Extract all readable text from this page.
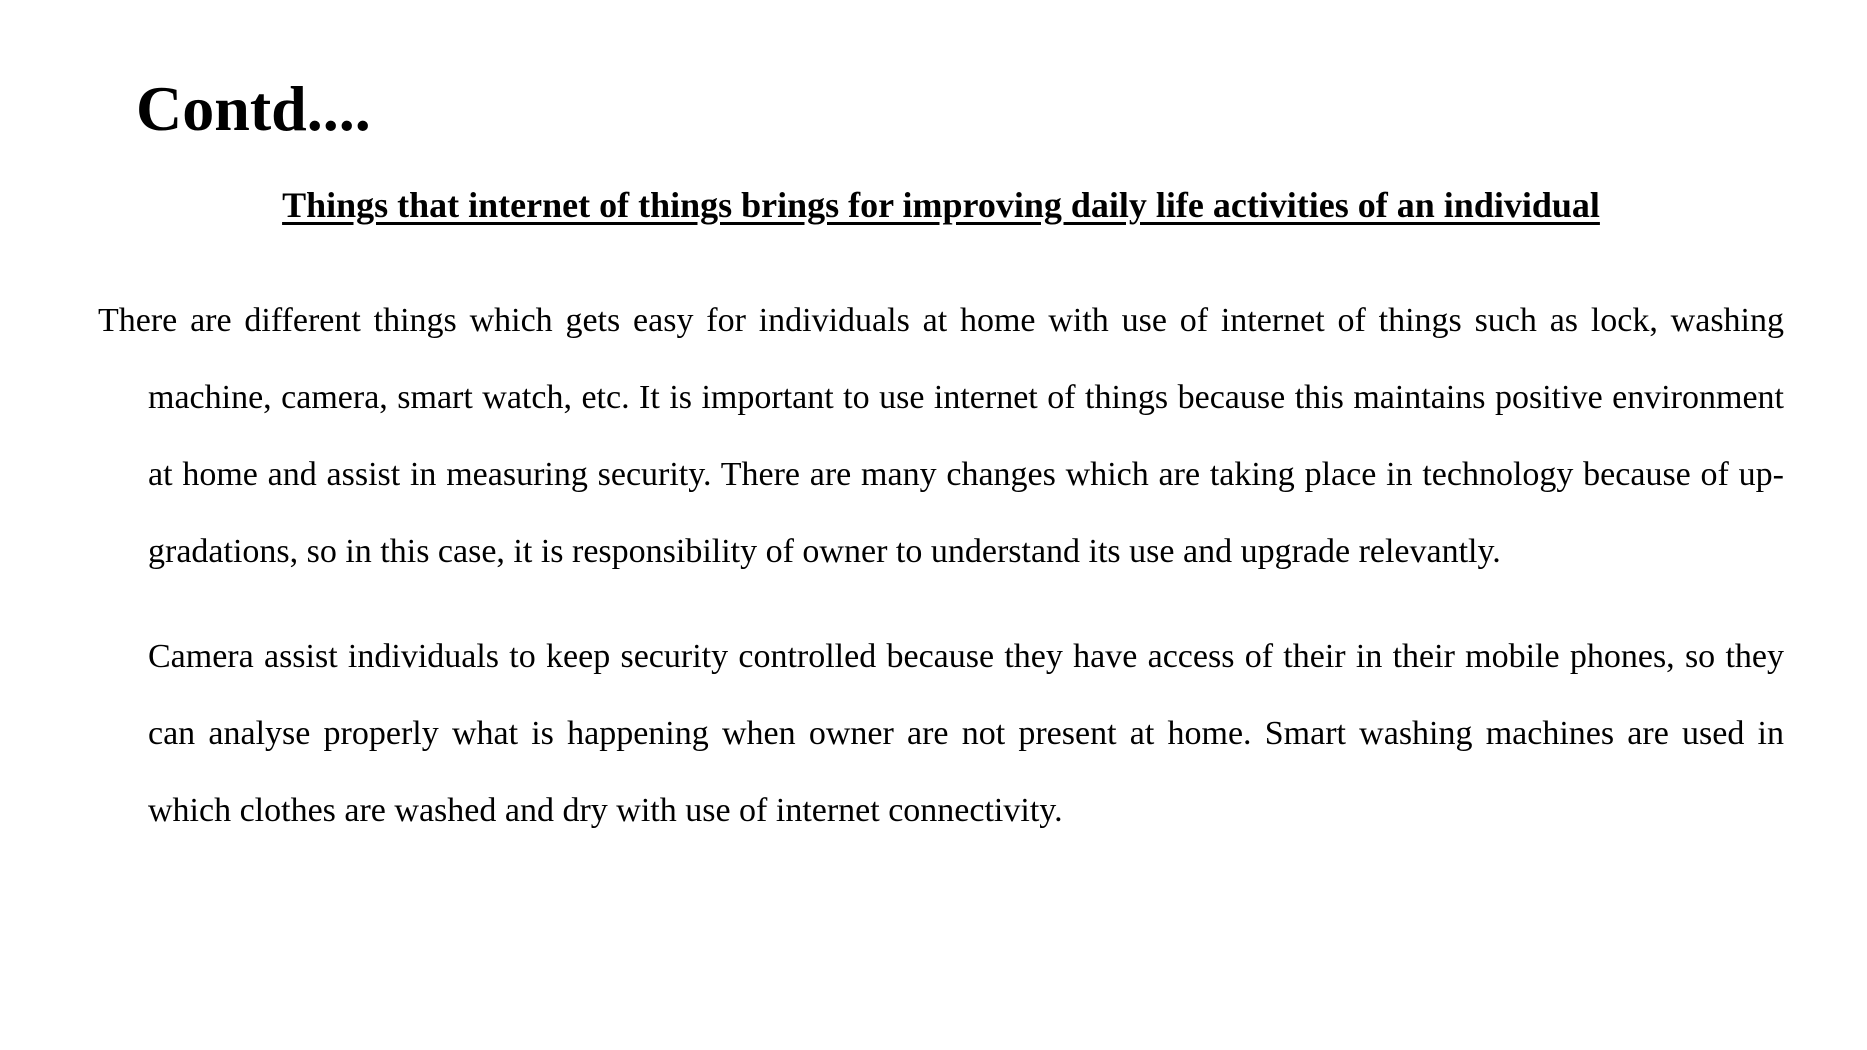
Contd....
Things that internet of things brings for improving daily life activities of an individual

There are different things which gets easy for individuals at home with use of internet of things such as lock, washing machine, camera, smart watch, etc. It is important to use internet of things because this maintains positive environment at home and assist in measuring security. There are many changes which are taking place in technology because of up- gradations, so in this case, it is responsibility of owner to understand its use and upgrade relevantly.

Camera assist individuals to keep security controlled because they have access of their in their mobile phones, so they can analyse properly what is happening when owner are not present at home. Smart washing machines are used in which clothes are washed and dry with use of internet connectivity.
